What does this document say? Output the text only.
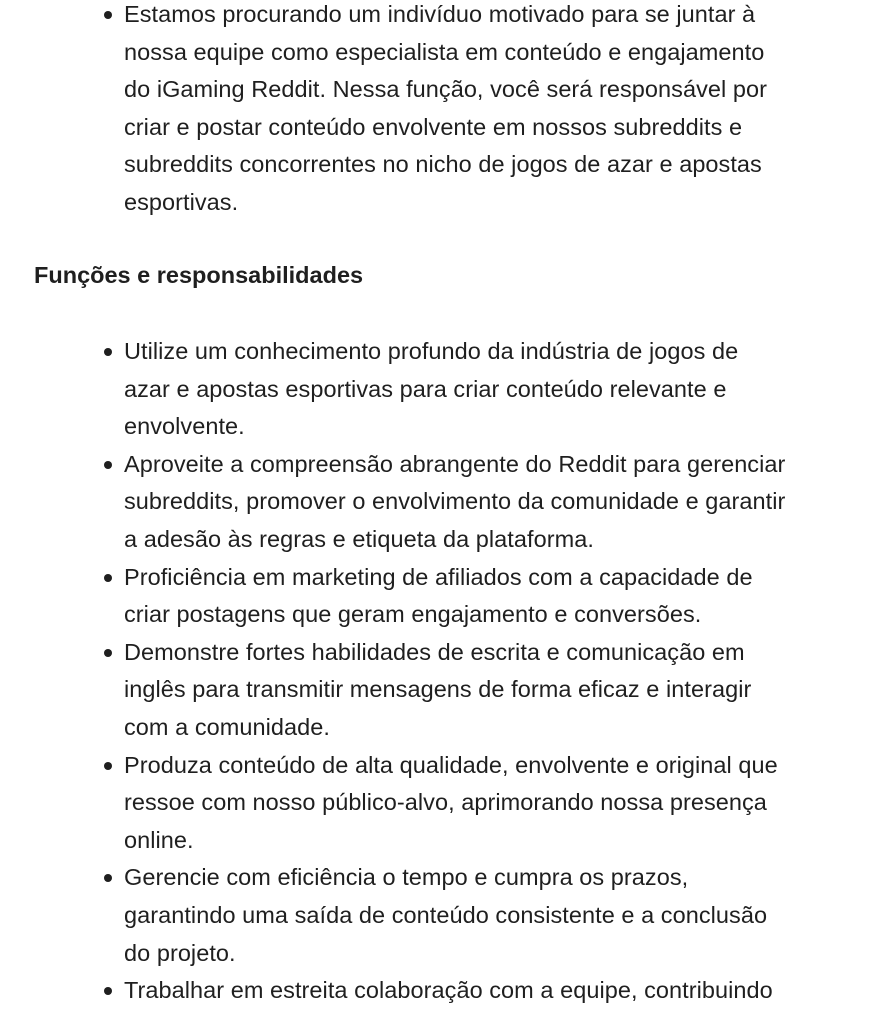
Estamos procurando um indivíduo motivado para se juntar à
nossa equipe como especialista em conteúdo e engajamento
do iGaming Reddit. Nessa função, você será responsável por
criar e postar conteúdo envolvente em nossos subreddits e
subreddits concorrentes no nicho de jogos de azar e apostas
esportivas.
Funções e responsabilidades
Utilize um conhecimento profundo da indústria de jogos de
azar e apostas esportivas para criar conteúdo relevante e
envolvente.
Aproveite a compreensão abrangente do Reddit para gerenciar
subreddits, promover o envolvimento da comunidade e garantir
a adesão às regras e etiqueta da plataforma.
Proficiência em marketing de afiliados com a capacidade de
criar postagens que geram engajamento e conversões.
Demonstre fortes habilidades de escrita e comunicação em
inglês para transmitir mensagens de forma eficaz e interagir
com a comunidade.
Produza conteúdo de alta qualidade, envolvente e original que
ressoe com nosso público-alvo, aprimorando nossa presença
online.
Gerencie com eficiência o tempo e cumpra os prazos,
garantindo uma saída de conteúdo consistente e a conclusão
do projeto.
Trabalhar em estreita colaboração com a equipe, contribuindo
